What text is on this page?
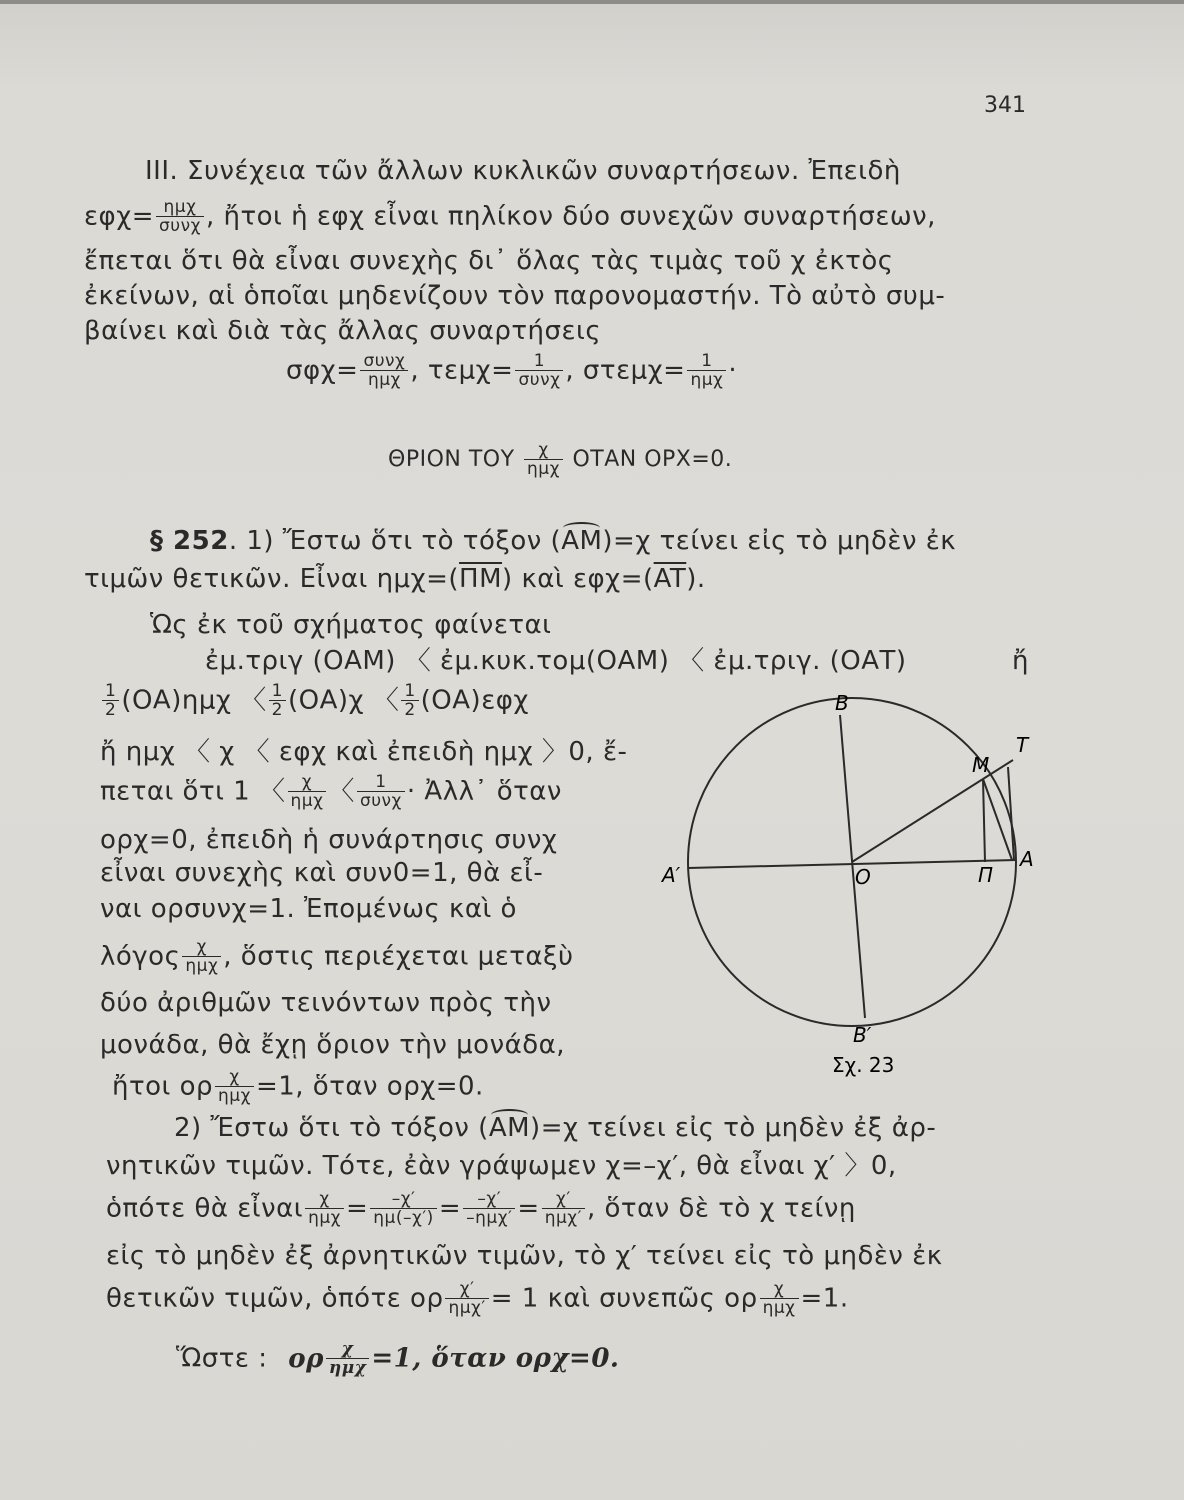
341
III. Συνέχεια τῶν ἄλλων κυκλικῶν συναρτήσεων. Ἐπειδὴ
εφχ= ημχ
συνχ , ἤτοι ἡ εφχ εἶναι πηλίκον δύο συνεχῶν συναρτήσεων,
ἔπεται ὅτι θὰ εἶναι συνεχὴς δι᾿ ὅλας τὰς τιμὰς τοῦ χ ἐκτὸς
ἐκείνων, αἱ ὁποῖαι μηδενίζουν τὸν παρονομαστήν. Τὸ αὐτὸ συμ-
βαίνει καὶ διὰ τὰς ἄλλας συναρτήσεις
σφχ= συνχ
ημχ , τεμχ=	1
συνχ , στεμχ= 1
ημχ ·
ΘΡΙΟΝ ΤΟΥ	χ
ημχ ΟΤΑΝ ΟΡΧ=0.
§ 252. 1) Ἔστω ὅτι τὸ τόξον (AM)=χ τείνει εἰς τὸ μηδὲν ἐκ
τιμῶν θετικῶν. Εἶναι $\eta\mu\chi=(\overline{\Pi M})$ καὶ $\varepsilon\varphi\chi=(\overline{AT})$.
Ὡς ἐκ τοῦ σχήματος φαίνεται
ἐμ.τριγ (ΟΑΜ) 〈 ἐμ.κυκ.τομ(ΟΑΜ) 〈 ἐμ.τριγ. (ΟΑΤ)	ἤ
$\frac{1}{2} (OA)\eta\mu\chi$ 〈 $\frac{1}{2} (OA)\chi$ 〈 $\frac{1}{2} (OA)\varepsilon\varphi\chi$
ἤ ημχ 〈 χ 〈 εφχ καὶ ἐπειδὴ ημχ 〉0, ἔ-
πεται ὅτι 1 〈 χ
ημχ 〈	1
συνχ · Ἀλλ᾿ ὅταν
ορχ=0, ἐπειδὴ ἡ συνάρτησις συνχ
εἶναι συνεχὴς καὶ συν0=1, θὰ εἶ-
ναι ορσυνχ=1. Ἐπομένως καὶ ὁ
λόγος χ
ημχ , ὅστις περιέχεται μεταξὺ
δύο ἀριθμῶν τεινόντων πρὸς τὴν
μονάδα, θὰ ἔχῃ ὅριον τὴν μονάδα,
ἤτοι ορ χ
ημχ =1, ὅταν ορχ=0.
2) Ἔστω ὅτι τὸ τόξον (AM)=χ τείνει εἰς τὸ μηδὲν ἐξ ἀρ-
νητικῶν τιμῶν. Τότε, ἐὰν γράψωμεν χ=–χ′, θὰ εἶναι χ′ 〉0,
ὁπότε θὰ εἶναι χ
$\eta\mu\chi = \frac{-\chi'}{\eta\mu(-\chi')} = -\chi'$
–ημχ′ = χ′
ημχ′ , ὅταν δὲ τὸ χ τείνῃ
εἰς τὸ μηδὲν ἐξ ἀρνητικῶν τιμῶν, τὸ χ′ τείνει εἰς τὸ μηδὲν ἐκ
θετικῶν τιμῶν, ὁπότε ορ χ′
ημχ′ = 1 καὶ συνεπῶς ορ χ
ημχ =1.
Ὥστε : ορ	χ
ημχ =1, ὅταν ορχ=0.
B
M
T
A′	O	Π
A
B′
Σχ. 23
